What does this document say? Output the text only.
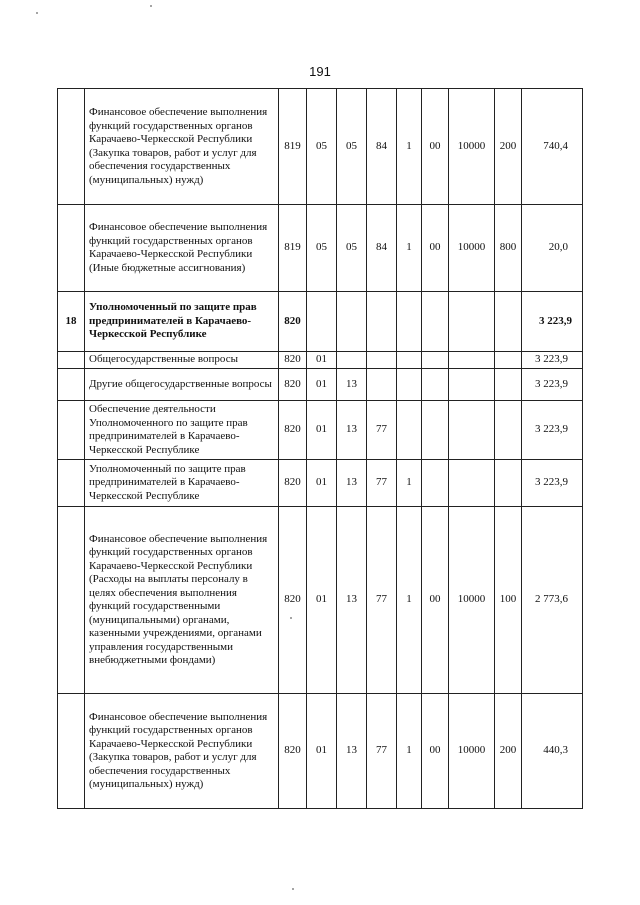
191
	Финансовое обеспечение выполнения функций государственных органов Карачаево-Черкесской Республики (Закупка товаров, работ и услуг для обеспечения государственных (муниципальных) нужд)	819	05	05	84	1	00	10000	200	740,4
	Финансовое обеспечение выполнения функций государственных органов Карачаево-Черкесской Республики (Иные бюджетные ассигнования)	819	05	05	84	1	00	10000	800	20,0
18	Уполномоченный по защите прав предпринимателей в Карачаево-Черкесской Республике	820								3 223,9
	Общегосударственные вопросы	820	01							3 223,9
	Другие общегосударственные вопросы	820	01	13						3 223,9
	Обеспечение деятельности Уполномоченного по защите прав предпринимателей в Карачаево-Черкесской Республике	820	01	13	77					3 223,9
	Уполномоченный по защите прав предпринимателей в Карачаево-Черкесской Республике	820	01	13	77	1				3 223,9
	Финансовое обеспечение выполнения функций государственных органов Карачаево-Черкесской Республики (Расходы на выплаты персоналу в целях обеспечения выполнения функций государственными (муниципальными) органами, казенными учреждениями, органами управления государственными внебюджетными фондами)	820	01	13	77	1	00	10000	100	2 773,6
	Финансовое обеспечение выполнения функций государственных органов Карачаево-Черкесской Республики (Закупка товаров, работ и услуг для обеспечения государственных (муниципальных) нужд)	820	01	13	77	1	00	10000	200	440,3
